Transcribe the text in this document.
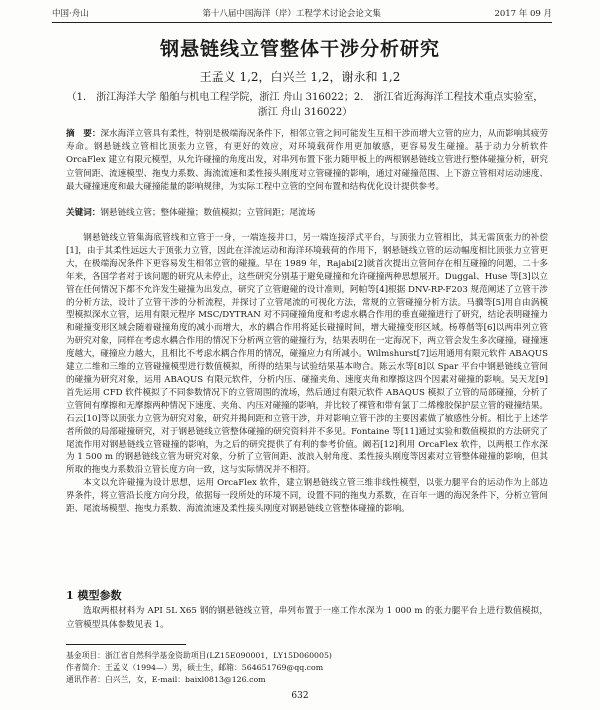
中国·舟山	第十八届中国海洋（岸）工程学术讨论会论文集	2017 年 09 月
钢悬链线立管整体干涉分析研究
王孟义 1,2，白兴兰 1,2，谢永和 1,2
（1． 浙江海洋大学 船舶与机电工程学院，浙江 舟山 316022；2． 浙江省近海海洋工程技术重点实验室，浙江 舟山 316022）
摘　要：深水海洋立管具有柔性，特别是极端海况条件下，相邻立管之间可能发生互相干涉而增大立管的应力，从而影响其疲劳寿命。钢悬链线立管相比顶张力立管，有更好的效应，对环境载荷作用更加敏感，更容易发生碰撞。基于动力分析软件 OrcaFlex 建立有限元模型，从允许碰撞的角度出发，对串列布置下张力随甲板上的两根钢悬链线立管进行整体碰撞分析，研究立管间距、流速模型、拖曳力系数、海流流速和柔性接头刚度对立管碰撞的影响，通过对碰撞范围、上下游立管相对运动速度、最大碰撞速度和最大碰撞能量的影响规律，为实际工程中立管的空间布置和结构优化设计提供参考。
关键词：钢悬链线立管；整体碰撞；数值模拟；立管间距；尾流场

钢悬链线立管集海底管线和立管于一身，一端连接井口，另一端连接浮式平台，与顶张力立管相比，其无需顶张力的补偿[1]，由于其柔性远远大于顶张力立管，因此在洋流运动和海洋环境载荷的作用下，钢悬链线立管的运动幅度相比顶张力立管更大，在极端海况条件下更容易发生相邻立管的碰撞。早在 1989 年，Rajabi[2]就首次提出立管间存在相互碰撞的问题，二十多年来，各国学者对于该问题的研究从未停止，这些研究分别基于避免碰撞和允许碰撞两种思想展开。Duggal、Huse 等[3]以立管在任何情况下都不允许发生碰撞为出发点，研究了立管避碰的设计准则，阿帕等[4]根据 DNV-RP-F203 规范阐述了立管干涉的分析方法，设计了立管干涉的分析流程，并探讨了立管尾流的可视化方法，常规的立管碰撞分析方法。马骥等[5]用自由涡模型模拟深水立管，运用有限元程序 MSC/DYTRAN 对不同碰撞角度和考虑水耦合作用的垂直碰撞进行了研究，结论表明碰撞力和碰撞变形区域会随着碰撞角度的减小而增大，水的耦合作用将延长碰撞时间，增大碰撞变形区域。杨尊偕等[6]以两串列立管为研究对象，同样在考虑水耦合作用的情况下分析两立管的碰撞行为，结果表明在一定海况下，两立管会发生多次碰撞，碰撞速度越大，碰撞应力越大，且相比不考虑水耦合作用的情况，碰撞应力有所减小。Wilmshurst[7]运用通用有限元软件 ABAQUS 建立二维和三维的立管碰撞模型进行数值模拟，所得的结果与试验结果基本吻合。陈云水等[8]以 Spar 平台中钢悬链线立管间的碰撞为研究对象，运用 ABAQUS 有限元软件，分析内压、碰撞夹角、速度夹角和摩擦这四个因素对碰撞的影响。吴天龙[9]首先运用 CFD 软件模拟了不同参数情况下的立管周围的流场，然后通过有限元软件 ABAQUS 模拟了立管的局部碰撞，分析了立管间有摩擦和无摩擦两种情况下速度、夹角、内压对碰撞的影响，并比较了裸管和带有氯丁二烯橡胶保护层立管的碰撞结果。石云[10]等以顶张力立管为研究对象，研究并揭间距和立管干涉，并对影响立管干涉的主要因素做了敏感性分析。相比于上述学者所做的局部碰撞研究，对于钢悬链线立管整体碰撞的研究资料并不多见。Fontaine 等[11]通过实验和数值模拟的方法研究了尾流作用对钢悬链线立管碰撞的影响，为之后的研究提供了有利的参考价值。阚若[12]利用 OrcaFlex 软件，以两根工作水深为 1 500 m 的钢悬链线立管为研究对象，分析了立管间距、波浪入射角度、柔性接头刚度等因素对立管整体碰撞的影响，但其所取的拖曳力系数沿立管长度方向一致，这与实际情况并不相符。

本文以允许碰撞为设计思想，运用 OrcaFlex 软件，建立钢悬链线立管三维非线性模型，以张力腿平台的运动作为上部边界条件，将立管沿长度方向分段，依据每一段所处的环境不同，设置不同的拖曳力系数，在百年一遇的海况条件下，分析立管间距、尾流场模型、拖曳力系数、海流流速及柔性接头刚度对钢悬链线立管整体碰撞的影响。

1 模型参数
选取两根材料为 API 5L X65 钢的钢悬链线立管，串列布置于一座工作水深为 1 000 m 的张力腿平台上进行数值模拟，立管模型具体参数见表 1。
基金项目：浙江省自然科学基金资助项目(LZ15E090001，LY15D060005)
作者简介：王孟义（1994—）男，硕士生，邮箱：564651769@qq.com
通讯作者：白兴兰，女，E-mail：baixl0813@126.com
632
